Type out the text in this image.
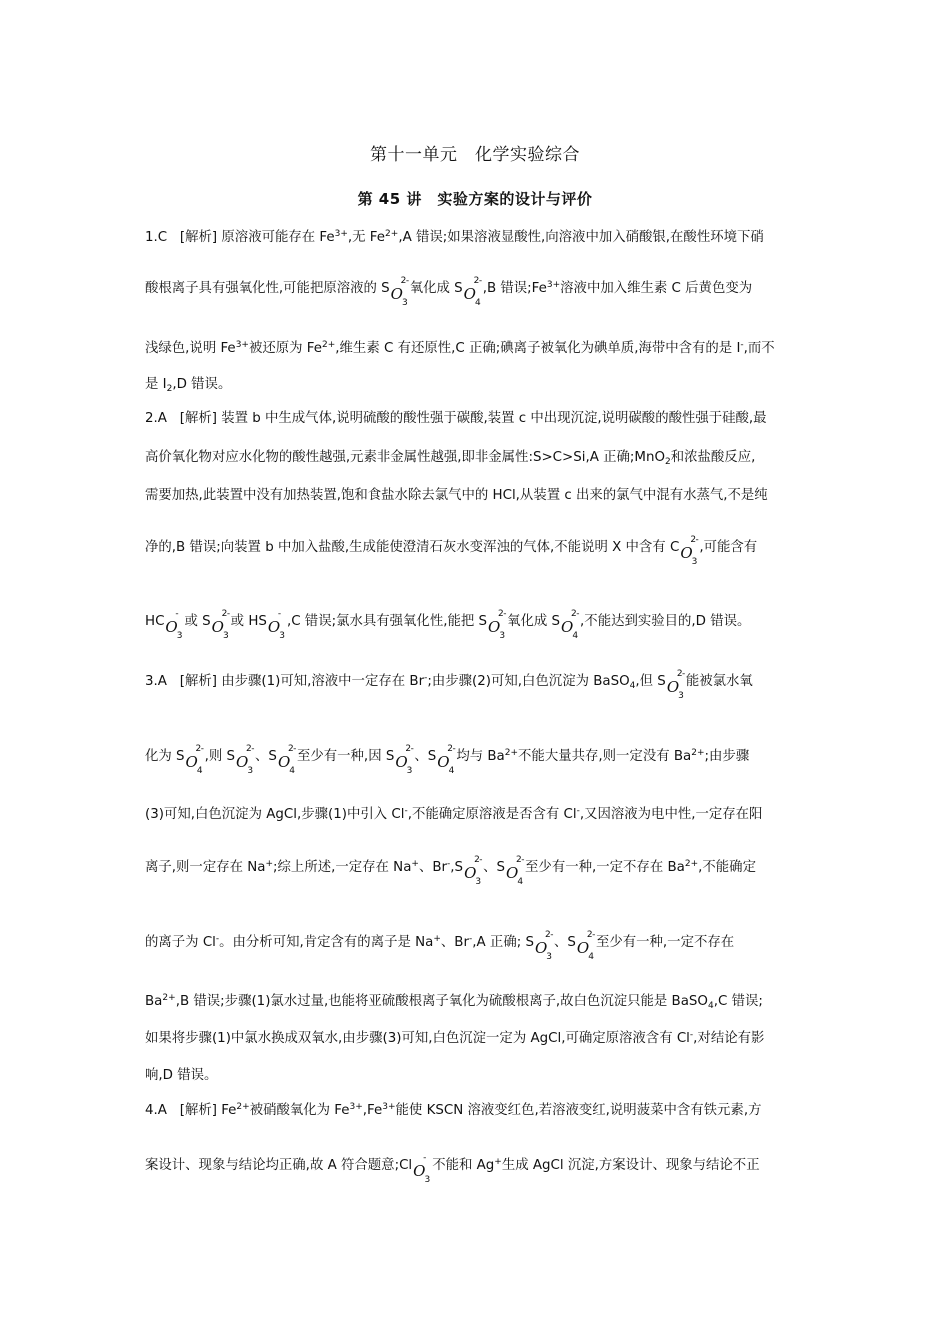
第十一单元　化学实验综合
第 45 讲　实验方案的设计与评价
1.C [解析] 原溶液可能存在 $Fe^{3+}$,无 $Fe^{2+},A$ 错误;如果溶液显酸性,向溶液中加入硝酸银,在酸性环境下硝
酸根离子具有强氧化性,可能把原溶液的 $SO_3$
2- 氧化成 $SO_4$
2- ,B 错误$;Fe^{3+}$溶液中加入维生素 C 后黄色变为
浅绿色,说明 $Fe^{3+}$被还原为 $Fe^{2+}$,维生素 C 有还原性,C 正确;碘离子被氧化为碘单质,海带中含有的是 I-,而不
是 $I_2,D$ 错误。
2.A [解析] 装置 b 中生成气体,说明硫酸的酸性强于碳酸,装置 c 中出现沉淀,说明碳酸的酸性强于硅酸,最
高价氧化物对应水化物的酸性越强,元素非金属性越强,即非金属性:S>C>Si,A 正确;MnO$_2$和浓盐酸反应,
需要加热,此装置中没有加热装置,饱和食盐水除去氯气中的 HCl,从装置 c 出来的氯气中混有水蒸气,不是纯
净的,B 错误;向装置 b 中加入盐酸,生成能使澄清石灰水变浑浊的气体,不能说明 X 中含有 $CO_3$
2- ,可能含有
$HCO_3$
- 或 $SO_3$
2- 或 $HSO_3$
- ,C 错误;氯水具有强氧化性,能把 $SO_3$
2- 氧化成 $SO_4$
2- ,不能达到实验目的,D 错误。
3.A [解析] 由步骤(1)可知,溶液中一定存在 Br-;由步骤(2)可知,白色沉淀为 BaSO$_4$,但 $SO_3$
2- 能被氯水氧
化为 $SO_4$
2- ,则 $SO_3$
2- 、$SO_4$
2- 至少有一种,因 $SO_3$
2- 、$SO_4$
2- 均与 $Ba^{2+}$不能大量共存,则一定没有 $Ba^{2+}$;由步骤
(3)可知,白色沉淀为 AgCl,步骤(1)中引入 Cl-,不能确定原溶液是否含有 Cl-,又因溶液为电中性,一定存在阳
离子,则一定存在 Na+;综上所述,一定存在 Na+、$Br^-,SO_3$
2- 、$SO_4$
2- 至少有一种,一定不存在 $Ba^{2+}$,不能确定
的离子为 Cl-。由分析可知,肯定含有的离子是 Na+、Br-,A 正确; $SO_3$
2- 、$SO_4$
2- 至少有一种,一定不存在
$Ba^{2+},B$ 错误;步骤(1)氯水过量,也能将亚硫酸根离子氧化为硫酸根离子,故白色沉淀只能是 BaSO$_4$,C 错误;
如果将步骤(1)中氯水换成双氧水,由步骤(3)可知,白色沉淀一定为 AgCl,可确定原溶液含有 Cl-,对结论有影
响,D 错误。
4.A [解析] $Fe^{2+}$被硝酸氧化为 $Fe^{3+},Fe^{3+}$能使 KSCN 溶液变红色,若溶液变红,说明菠菜中含有铁元素,方
案设计、现象与结论均正确,故 A 符合题意;ClO$_3$
- 不能和 Ag+生成 AgCl 沉淀,方案设计、现象与结论不正
